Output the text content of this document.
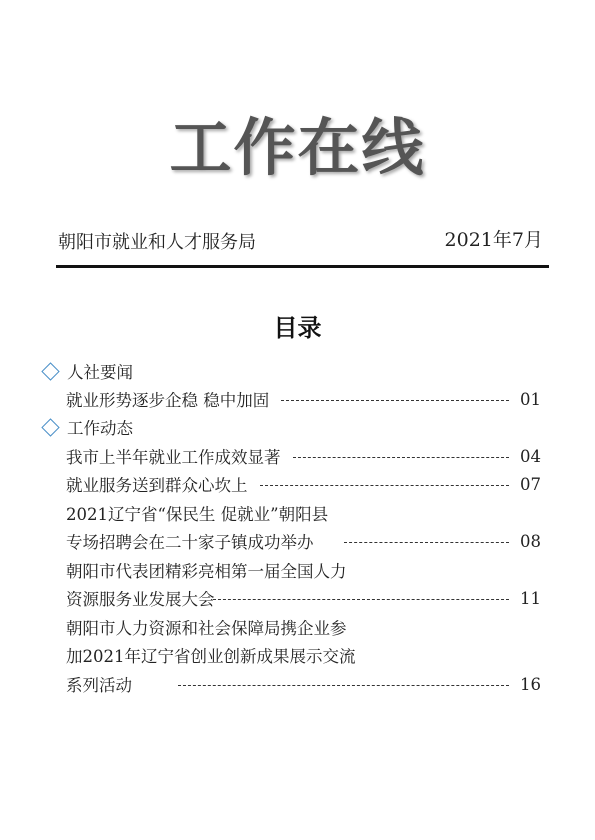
工作在线
朝阳市就业和人才服务局	2021年7月
目录
人社要闻
就业形势逐步企稳 稳中加固	01
工作动态
我市上半年就业工作成效显著	04
就业服务送到群众心坎上	07
2021辽宁省“保民生 促就业”朝阳县
专场招聘会在二十家子镇成功举办	08
朝阳市代表团精彩亮相第一届全国人力
资源服务业发展大会	11
朝阳市人力资源和社会保障局携企业参
加2021年辽宁省创业创新成果展示交流
系列活动	16
